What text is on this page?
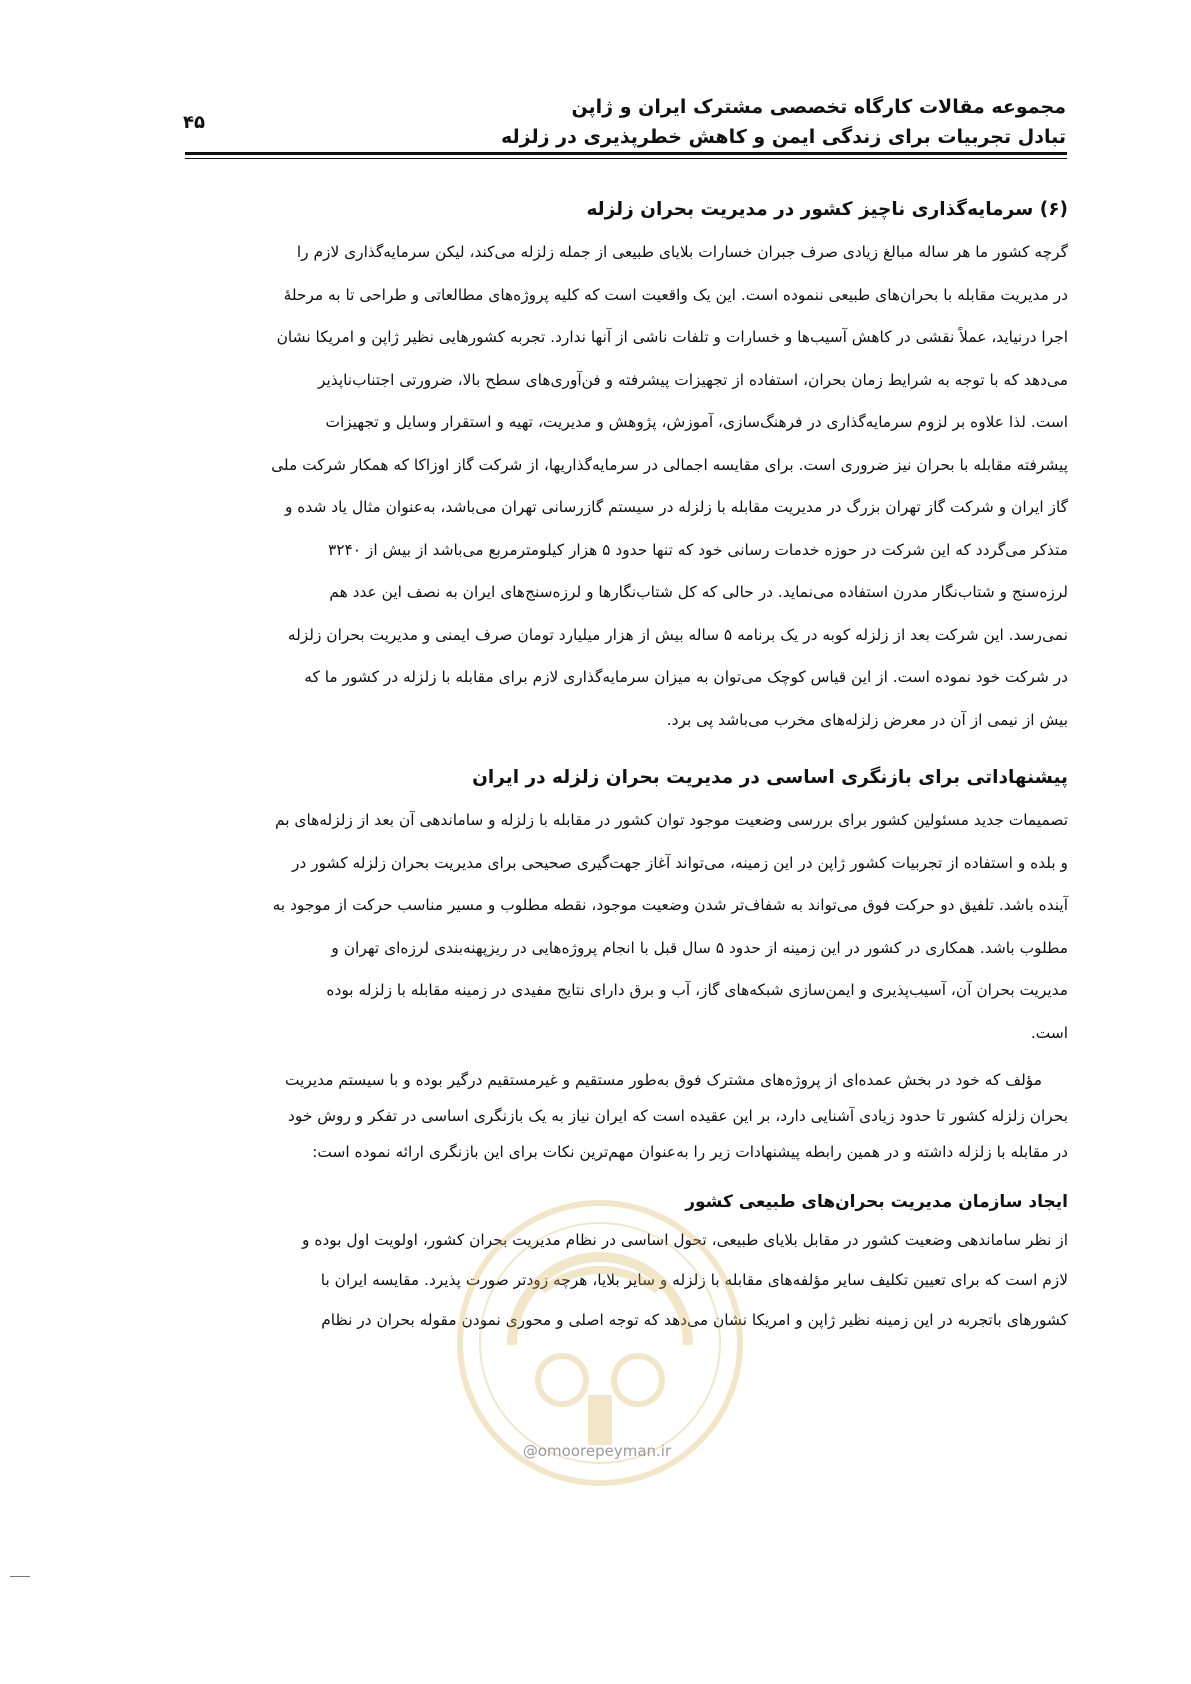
مجموعه مقالات کارگاه تخصصی مشترک ایران و ژاپن
تبادل تجربیات برای زندگی ایمن و کاهش خطرپذیری در زلزله
۴۵
(۶) سرمایه‌گذاری ناچیز کشور در مدیریت بحران زلزله

گرچه کشور ما هر ساله مبالغ زیادی صرف جبران خسارات بلایای طبیعی از جمله زلزله می‌کند، لیکن سرمایه‌گذاری لازم را

در مدیریت مقابله با بحران‌های طبیعی ننموده است. این یک واقعیت است که کلیه پروژه‌های مطالعاتی و طراحی تا به مرحلهٔ

اجرا درنیاید، عملاً نقشی در کاهش آسیب‌ها و خسارات و تلفات ناشی از آنها ندارد. تجربه کشورهایی نظیر ژاپن و امریکا نشان

می‌دهد که با توجه به شرایط زمان بحران، استفاده از تجهیزات پیشرفته و فن‌آوری‌های سطح بالا، ضرورتی اجتناب‌ناپذیر

است. لذا علاوه بر لزوم سرمایه‌گذاری در فرهنگ‌سازی، آموزش، پژوهش و مدیریت، تهیه و استقرار وسایل و تجهیزات

پیشرفته مقابله با بحران نیز ضروری است. برای مقایسه اجمالی در سرمایه‌گذاریها، از شرکت گاز اوزاکا که همکار شرکت ملی

گاز ایران و شرکت گاز تهران بزرگ در مدیریت مقابله با زلزله در سیستم گازرسانی تهران می‌باشد، به‌عنوان مثال یاد شده و

متذکر می‌گردد که این شرکت در حوزه خدمات رسانی خود که تنها حدود ۵ هزار کیلومترمربع می‌باشد از بیش از ۳۲۴۰

لرزه‌سنج و شتاب‌نگار مدرن استفاده می‌نماید. در حالی که کل شتاب‌نگارها و لرزه‌سنج‌های ایران به نصف این عدد هم

نمی‌رسد. این شرکت بعد از زلزله کوبه در یک برنامه ۵ ساله بیش از هزار میلیارد تومان صرف ایمنی و مدیریت بحران زلزله

در شرکت خود نموده است. از این قیاس کوچک می‌توان به میزان سرمایه‌گذاری لازم برای مقابله با زلزله در کشور ما که

بیش از نیمی از آن در معرض زلزله‌های مخرب می‌باشد پی برد.

پیشنهاداتی برای بازنگری اساسی در مدیریت بحران زلزله در ایران

تصمیمات جدید مسئولین کشور برای بررسی وضعیت موجود توان کشور در مقابله با زلزله و ساماندهی آن بعد از زلزله‌های بم

و بلده و استفاده از تجربیات کشور ژاپن در این زمینه، می‌تواند آغاز جهت‌گیری صحیحی برای مدیریت بحران زلزله کشور در

آینده باشد. تلفیق دو حرکت فوق می‌تواند به شفاف‌تر شدن وضعیت موجود، نقطه مطلوب و مسیر مناسب حرکت از موجود به

مطلوب باشد. همکاری در کشور در این زمینه از حدود ۵ سال قبل با انجام پروژه‌هایی در ریزپهنه‌بندی لرزه‌ای تهران و

مدیریت بحران آن، آسیب‌پذیری و ایمن‌سازی شبکه‌های گاز، آب و برق دارای نتایج مفیدی در زمینه مقابله با زلزله بوده

است.

مؤلف که خود در بخش عمده‌ای از پروژه‌های مشترک فوق به‌طور مستقیم و غیرمستقیم درگیر بوده و با سیستم مدیریت

بحران زلزله کشور تا حدود زیادی آشنایی دارد، بر این عقیده است که ایران نیاز به یک بازنگری اساسی در تفکر و روش خود

در مقابله با زلزله داشته و در همین رابطه پیشنهادات زیر را به‌عنوان مهم‌ترین نکات برای این بازنگری ارائه نموده است:

ایجاد سازمان مدیریت بحران‌های طبیعی کشور

از نظر ساماندهی وضعیت کشور در مقابل بلایای طبیعی، تحول اساسی در نظام مدیریت بحران کشور، اولویت اول بوده و

لازم است که برای تعیین تکلیف سایر مؤلفه‌های مقابله با زلزله و سایر بلایا، هرچه زودتر صورت پذیرد. مقایسه ایران با

کشورهای باتجربه در این زمینه نظیر ژاپن و امریکا نشان می‌دهد که توجه اصلی و محوری نمودن مقوله بحران در نظام

@omoorepeyman.ir
